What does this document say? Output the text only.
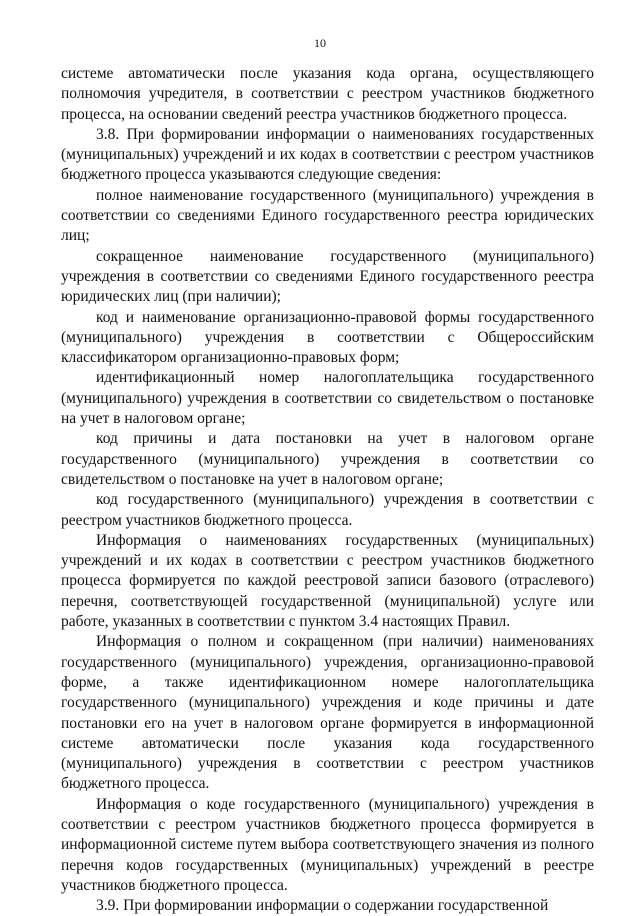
10

системе автоматически после указания кода органа, осуществляющего полномочия учредителя, в соответствии с реестром участников бюджетного процесса, на основании сведений реестра участников бюджетного процесса.

3.8. При формировании информации о наименованиях государственных (муниципальных) учреждений и их кодах в соответствии с реестром участников бюджетного процесса указываются следующие сведения:

полное наименование государственного (муниципального) учреждения в соответствии со сведениями Единого государственного реестра юридических лиц;

сокращенное наименование государственного (муниципального) учреждения в соответствии со сведениями Единого государственного реестра юридических лиц (при наличии);

код и наименование организационно-правовой формы государственного (муниципального) учреждения в соответствии с Общероссийским классификатором организационно-правовых форм;

идентификационный номер налогоплательщика государственного (муниципального) учреждения в соответствии со свидетельством о постановке на учет в налоговом органе;

код причины и дата постановки на учет в налоговом органе государственного (муниципального) учреждения в соответствии со свидетельством о постановке на учет в налоговом органе;

код государственного (муниципального) учреждения в соответствии с реестром участников бюджетного процесса.

Информация о наименованиях государственных (муниципальных) учреждений и их кодах в соответствии с реестром участников бюджетного процесса формируется по каждой реестровой записи базового (отраслевого) перечня, соответствующей государственной (муниципальной) услуге или работе, указанных в соответствии с пунктом 3.4 настоящих Правил.

Информация о полном и сокращенном (при наличии) наименованиях государственного (муниципального) учреждения, организационно-правовой форме, а также идентификационном номере налогоплательщика государственного (муниципального) учреждения и коде причины и дате постановки его на учет в налоговом органе формируется в информационной системе автоматически после указания кода государственного (муниципального) учреждения в соответствии с реестром участников бюджетного процесса.

Информация о коде государственного (муниципального) учреждения в соответствии с реестром участников бюджетного процесса формируется в информационной системе путем выбора соответствующего значения из полного перечня кодов государственных (муниципальных) учреждений в реестре участников бюджетного процесса.

3.9. При формировании информации о содержании государственной
